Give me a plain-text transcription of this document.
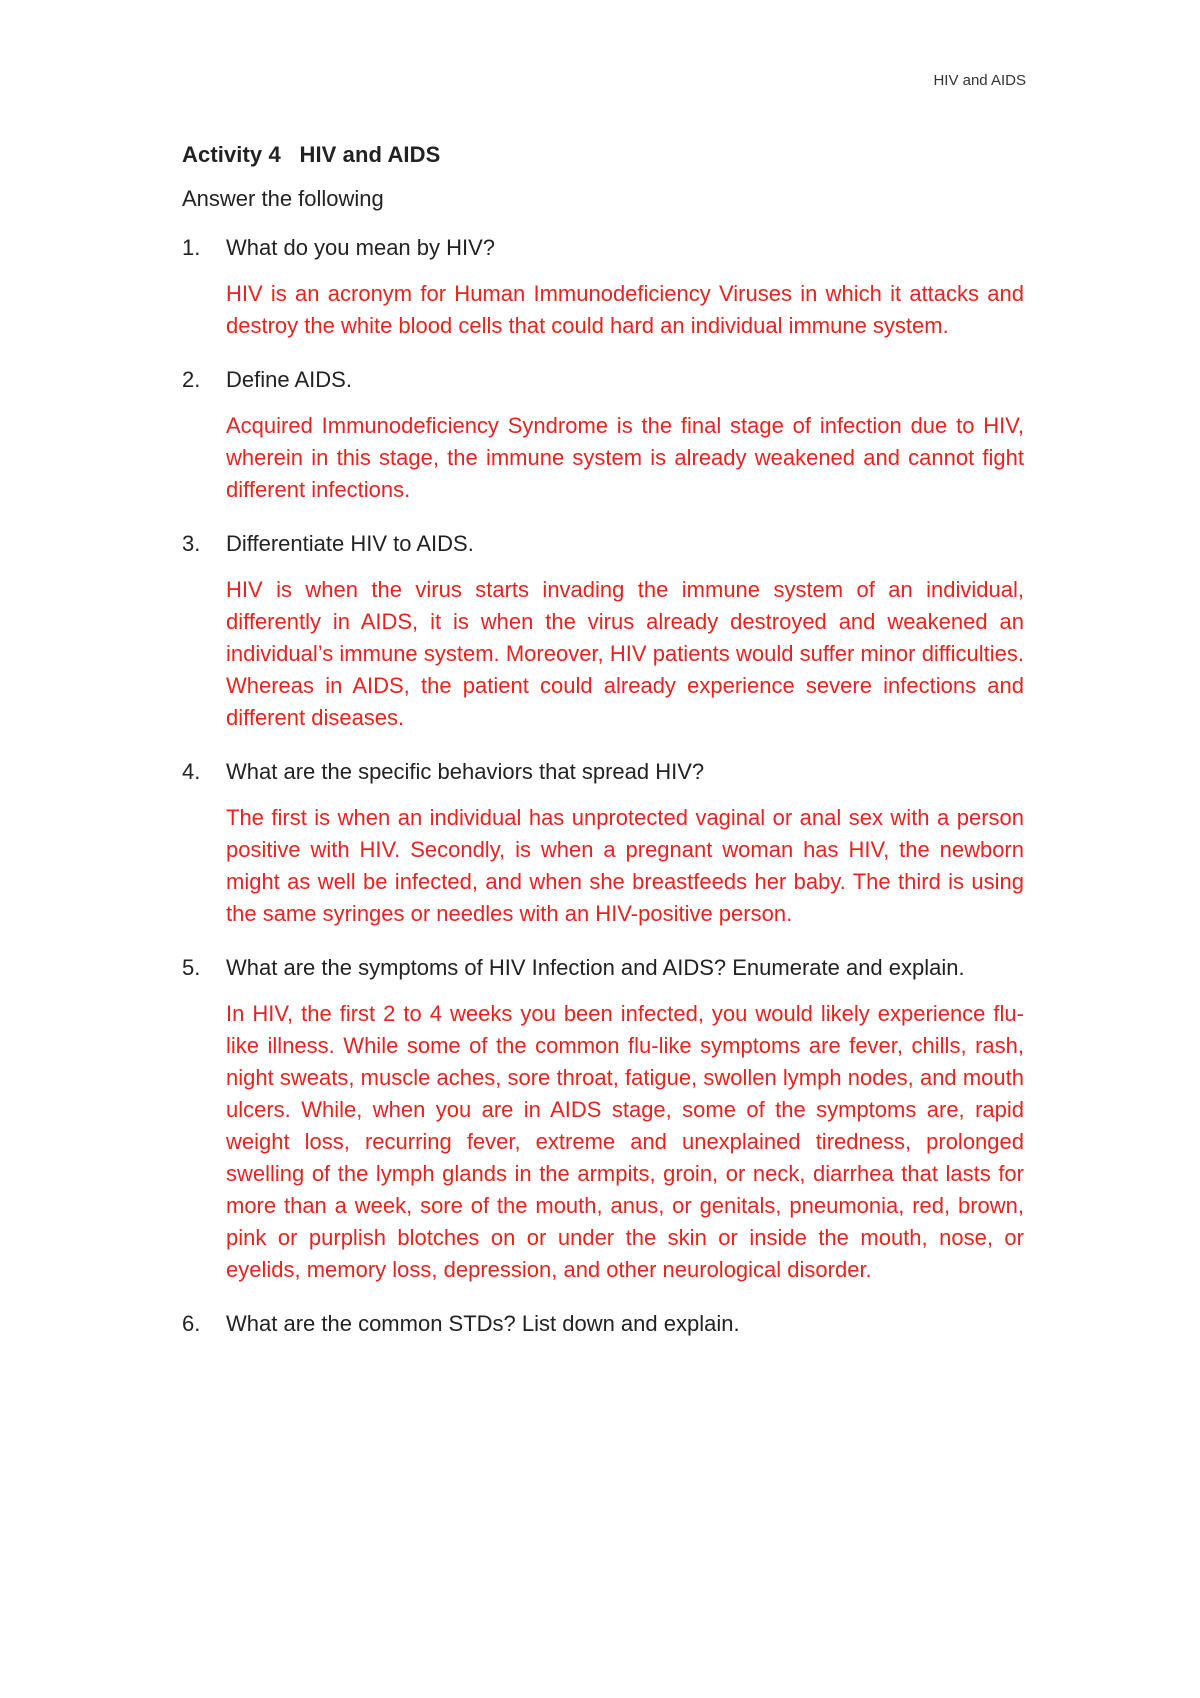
HIV and AIDS
Activity 4   HIV and AIDS
Answer the following
1.	What do you mean by HIV?
HIV is an acronym for Human Immunodeficiency Viruses in which it attacks and destroy the white blood cells that could hard an individual immune system.
2.	Define AIDS.
Acquired Immunodeficiency Syndrome is the final stage of infection due to HIV, wherein in this stage, the immune system is already weakened and cannot fight different infections.
3.	Differentiate HIV to AIDS.
HIV is when the virus starts invading the immune system of an individual, differently in AIDS, it is when the virus already destroyed and weakened an individual’s immune system. Moreover, HIV patients would suffer minor difficulties. Whereas in AIDS, the patient could already experience severe infections and different diseases.
4.	What are the specific behaviors that spread HIV?
The first is when an individual has unprotected vaginal or anal sex with a person positive with HIV. Secondly, is when a pregnant woman has HIV, the newborn might as well be infected, and when she breastfeeds her baby. The third is using the same syringes or needles with an HIV-positive person.
5.	What are the symptoms of HIV Infection and AIDS? Enumerate and explain.
In HIV, the first 2 to 4 weeks you been infected, you would likely experience flu-like illness. While some of the common flu-like symptoms are fever, chills, rash, night sweats, muscle aches, sore throat, fatigue, swollen lymph nodes, and mouth ulcers. While, when you are in AIDS stage, some of the symptoms are, rapid weight loss, recurring fever, extreme and unexplained tiredness, prolonged swelling of the lymph glands in the armpits, groin, or neck, diarrhea that lasts for more than a week, sore of the mouth, anus, or genitals, pneumonia, red, brown, pink or purplish blotches on or under the skin or inside the mouth, nose, or eyelids, memory loss, depression, and other neurological disorder.
6.	What are the common STDs? List down and explain.
